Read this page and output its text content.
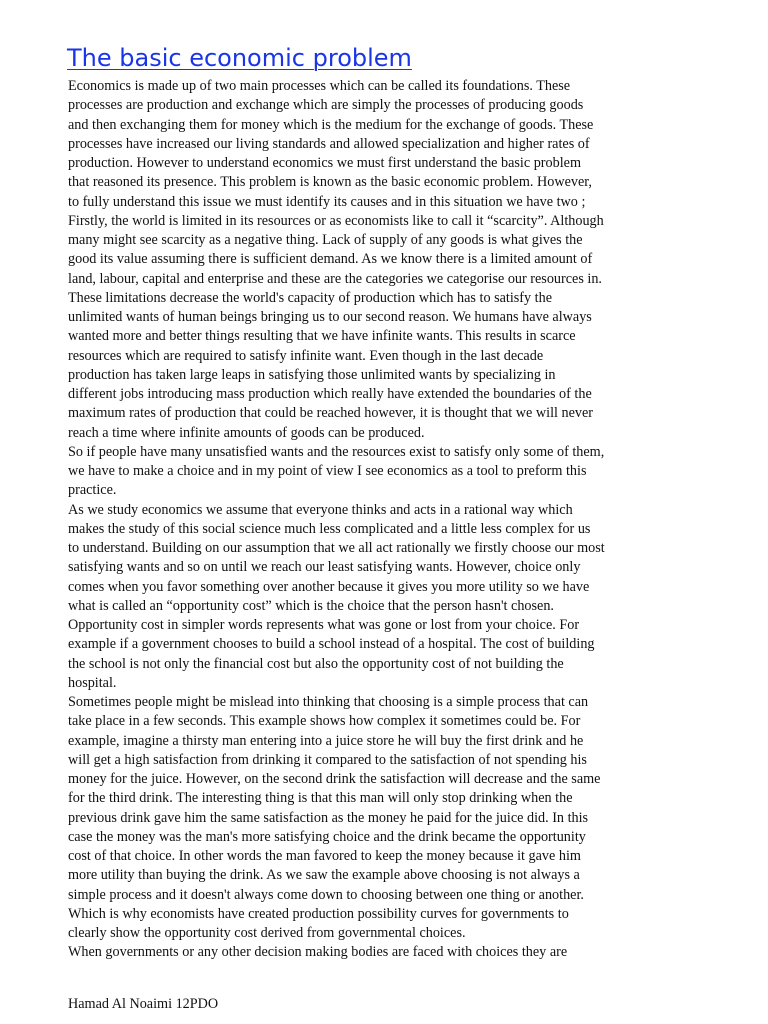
The basic economic problem
Economics is made up of two main processes which can be called its foundations. These
processes are production and exchange which are simply the processes of producing goods
and then exchanging them for money which is the medium for the exchange of goods. These
processes have increased our living standards and allowed specialization and higher rates of
production. However to understand economics we must first understand the basic problem
that reasoned its presence. This problem is known as the basic economic problem. However,
to fully understand this issue we must identify its causes and in this situation we have two ;
Firstly, the world is limited in its resources or as economists like to call it “scarcity”. Although
many might see scarcity as a negative thing. Lack of supply of any goods is what gives the
good its value assuming there is sufficient demand. As we know there is a limited amount of
land, labour, capital and enterprise and these are the categories we categorise our resources in.
These limitations decrease the world's capacity of production which has to satisfy the
unlimited wants of human beings bringing us to our second reason. We humans have always
wanted more and better things resulting that we have infinite wants. This results in scarce
resources which are required to satisfy infinite want. Even though in the last decade
production has taken large leaps in satisfying those unlimited wants by specializing in
different jobs introducing mass production which really have extended the boundaries of the
maximum rates of production that could be reached however, it is thought that we will never
reach a time where infinite amounts of goods can be produced.
So if people have many unsatisfied wants and the resources exist to satisfy only some of them,
we have to make a choice and in my point of view I see economics as a tool to preform this
practice.
As we study economics we assume that everyone thinks and acts in a rational way which
makes the study of this social science much less complicated and a little less complex for us
to understand. Building on our assumption that we all act rationally we firstly choose our most
satisfying wants and so on until we reach our least satisfying wants. However, choice only
comes when you favor something over another because it gives you more utility so we have
what is called an “opportunity cost” which is the choice that the person hasn't chosen.
Opportunity cost in simpler words represents what was gone or lost from your choice. For
example if a government chooses to build a school instead of a hospital. The cost of building
the school is not only the financial cost but also the opportunity cost of not building the
hospital.
Sometimes people might be mislead into thinking that choosing is a simple process that can
take place in a few seconds. This example shows how complex it sometimes could be. For
example, imagine a thirsty man entering into a juice store he will buy the first drink and he
will get a high satisfaction from drinking it compared to the satisfaction of not spending his
money for the juice. However, on the second drink the satisfaction will decrease and the same
for the third drink. The interesting thing is that this man will only stop drinking when the
previous drink gave him the same satisfaction as the money he paid for the juice did. In this
case the money was the man's more satisfying choice and the drink became the opportunity
cost of that choice. In other words the man favored to keep the money because it gave him
more utility than buying the drink. As we saw the example above choosing is not always a
simple process and it doesn't always come down to choosing between one thing or another.
Which is why economists have created production possibility curves for governments to
clearly show the opportunity cost derived from governmental choices.
When governments or any other decision making bodies are faced with choices they are
Hamad Al Noaimi 12PDO
